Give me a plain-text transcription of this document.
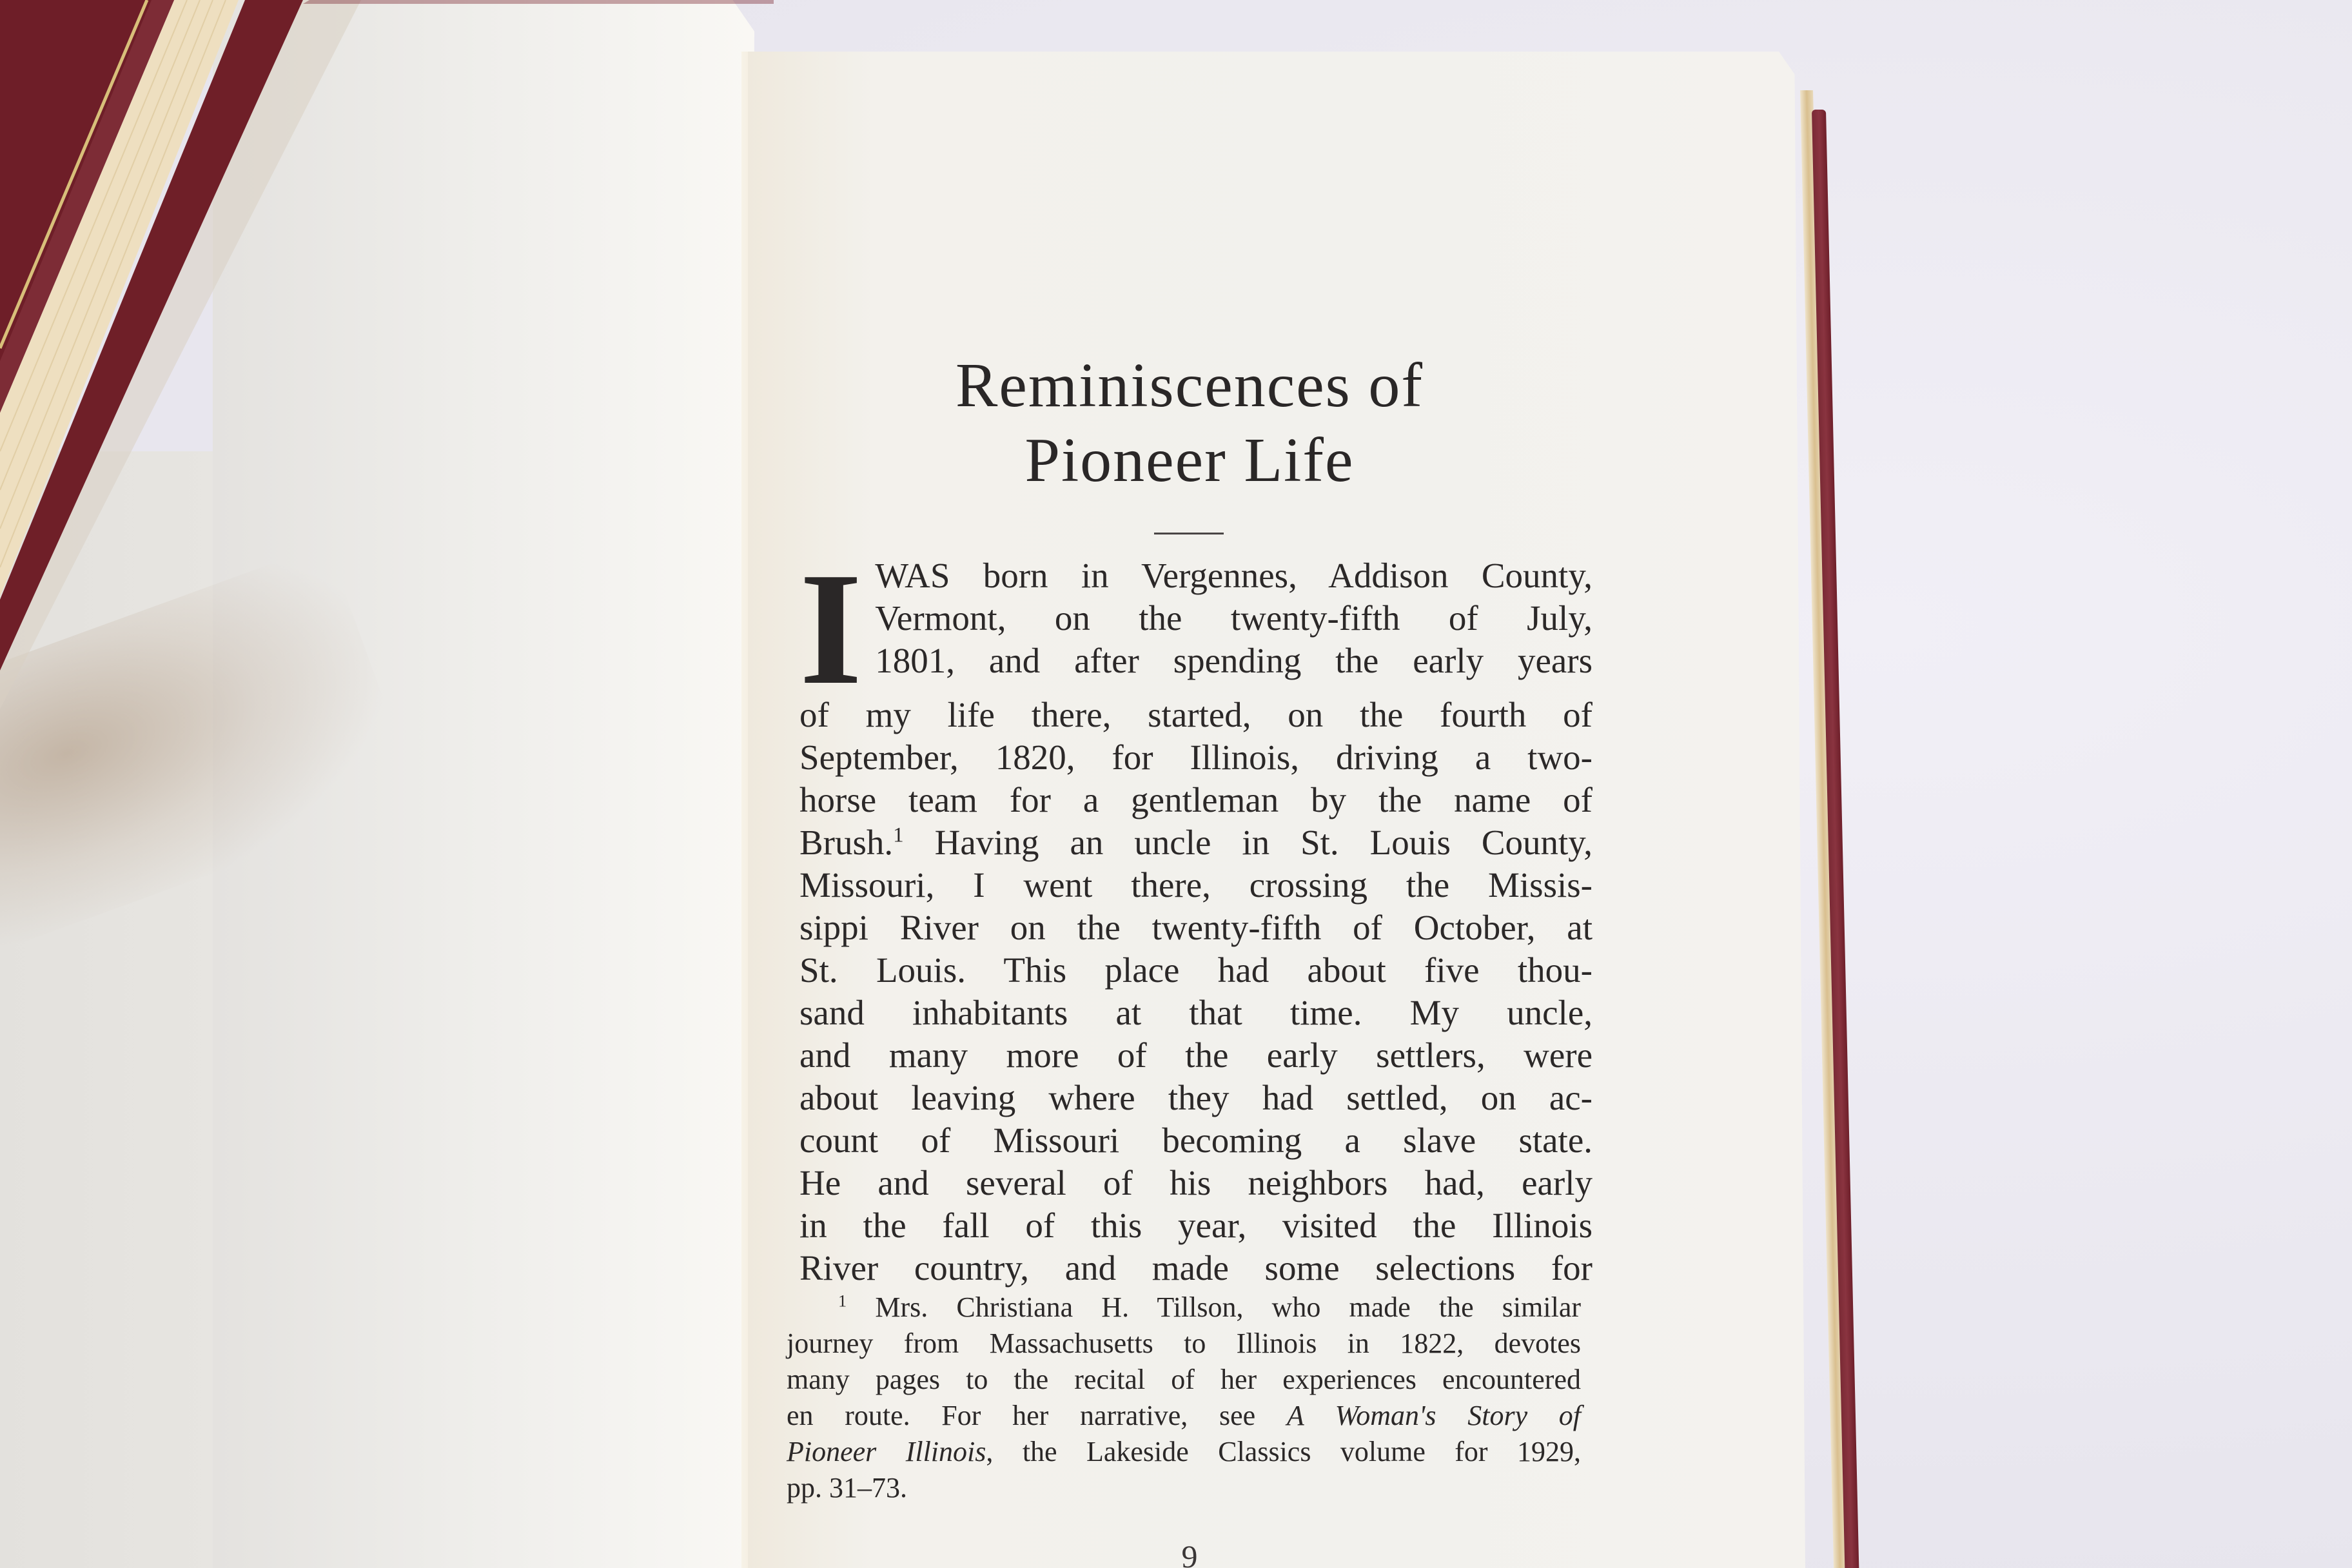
Reminiscences of
Pioneer Life
I WAS born in Vergennes, Addison County,
Vermont, on the twenty-fifth of July,
1801, and after spending the early years
of my life there, started, on the fourth of
September, 1820, for Illinois, driving a two-
horse team for a gentleman by the name of
Brush.$^1$ Having an uncle in St. Louis County,
Missouri, I went there, crossing the Missis-
sippi River on the twenty-fifth of October, at
St. Louis. This place had about five thou-
sand inhabitants at that time. My uncle,
and many more of the early settlers, were
about leaving where they had settled, on ac-
count of Missouri becoming a slave state.
He and several of his neighbors had, early
in the fall of this year, visited the Illinois
River country, and made some selections for
$^1$ Mrs. Christiana H. Tillson, who made the similar
journey from Massachusetts to Illinois in 1822, devotes
many pages to the recital of her experiences encountered
en route. For her narrative, see A Woman's Story of
Pioneer Illinois, the Lakeside Classics volume for 1929,
pp. 31–73.
9
